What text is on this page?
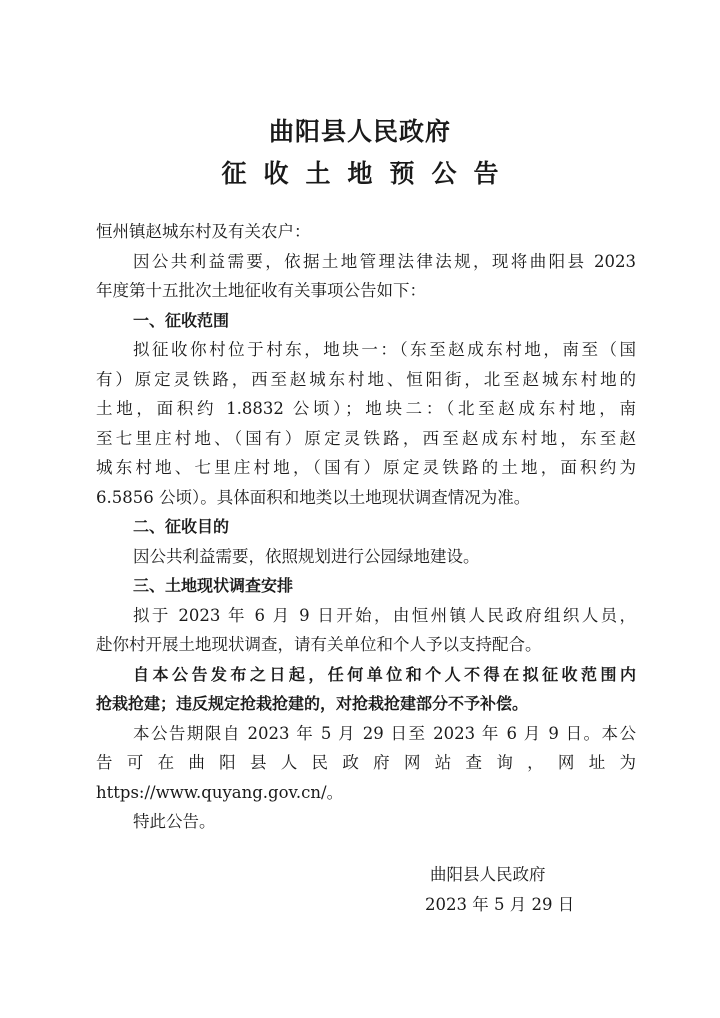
曲阳县人民政府
征收土地预公告
恒州镇赵城东村及有关农户：
因公共利益需要，依据土地管理法律法规，现将曲阳县 2023
年度第十五批次土地征收有关事项公告如下：
一、征收范围
拟征收你村位于村东，地块一：（东至赵成东村地，南至（国
有）原定灵铁路，西至赵城东村地、恒阳街，北至赵城东村地的
土地，面积约 1.8832 公顷）；地块二：（北至赵成东村地，南
至七里庄村地、（国有）原定灵铁路，西至赵成东村地，东至赵
城东村地、七里庄村地，（国有）原定灵铁路的土地，面积约为
6.5856 公顷）。具体面积和地类以土地现状调查情况为准。
二、征收目的
因公共利益需要，依照规划进行公园绿地建设。
三、土地现状调查安排
拟于 2023 年 6 月 9 日开始，由恒州镇人民政府组织人员，
赴你村开展土地现状调查，请有关单位和个人予以支持配合。
自本公告发布之日起，任何单位和个人不得在拟征收范围内
抢栽抢建；违反规定抢栽抢建的，对抢栽抢建部分不予补偿。
本公告期限自 2023 年 5 月 29 日至 2023 年 6 月 9 日。本公
告可在曲阳县人民政府网站查询，网址为
https://www.quyang.gov.cn/。
特此公告。
曲阳县人民政府
2023 年 5 月 29 日
